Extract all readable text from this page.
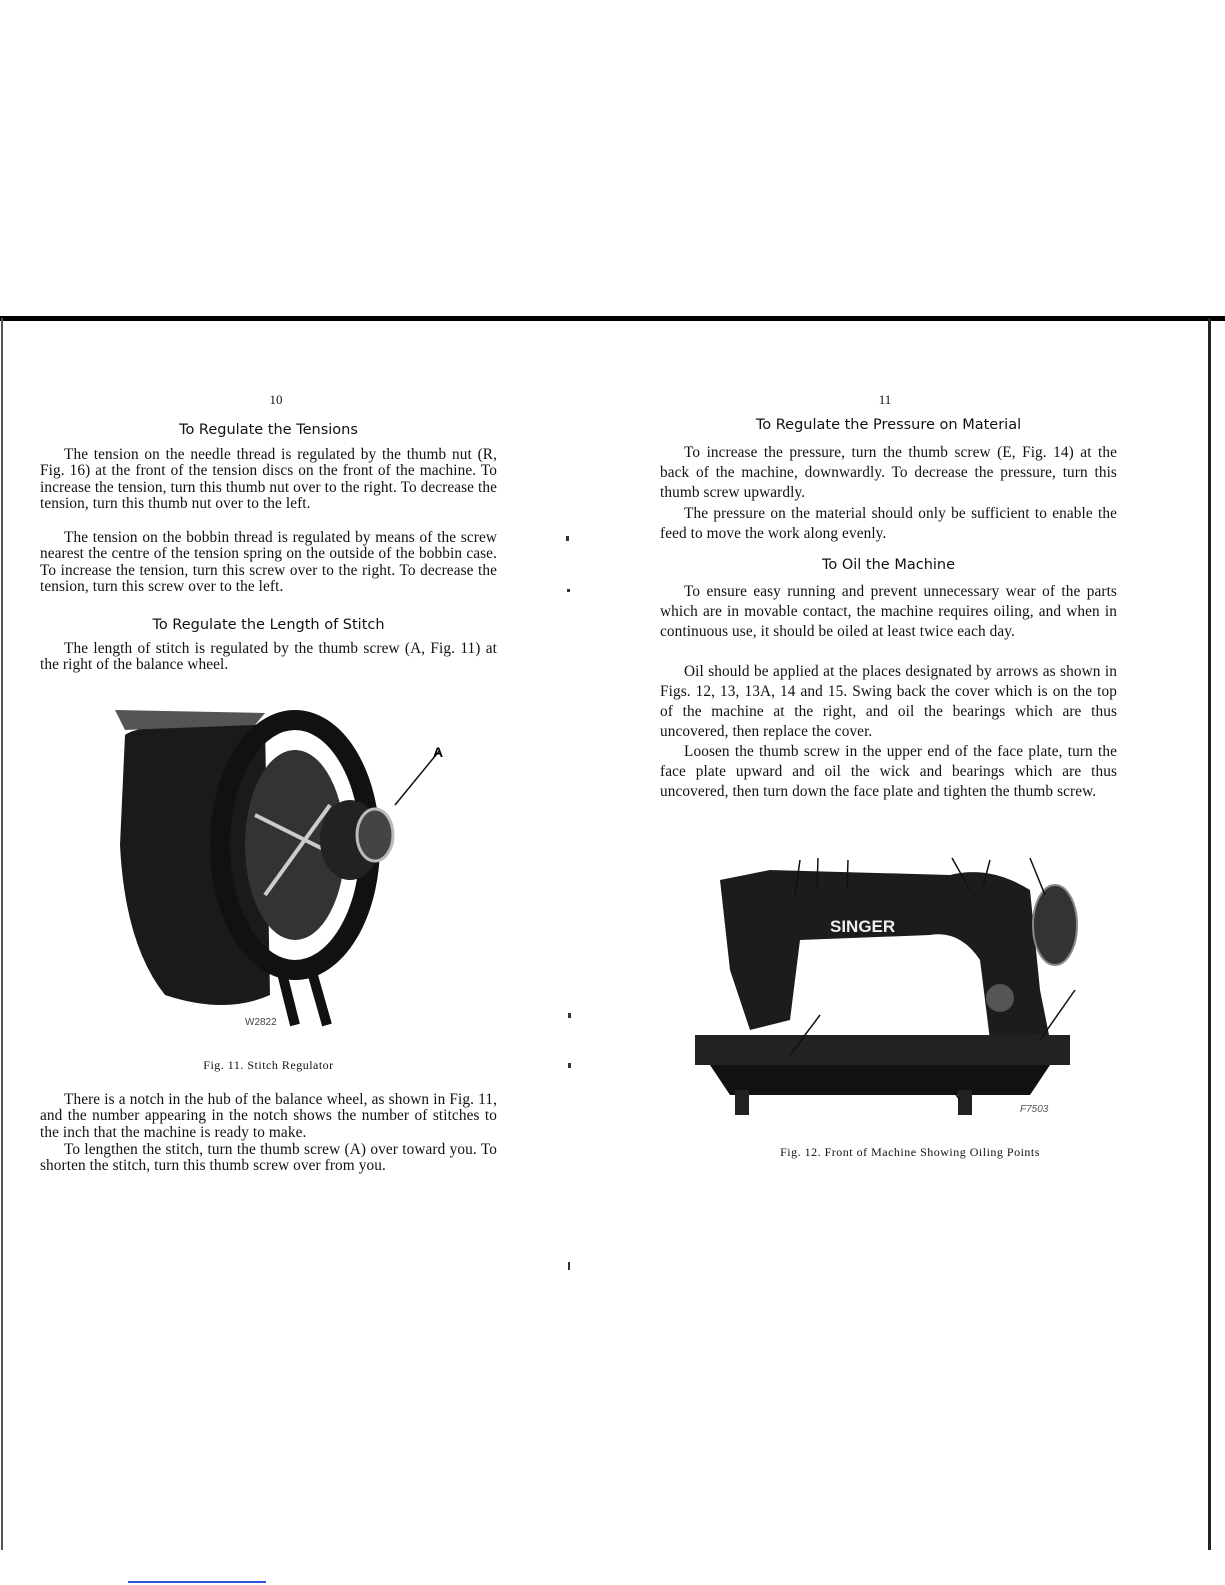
10
To Regulate the Tensions

The tension on the needle thread is regulated by the thumb nut (R, Fig. 16) at the front of the tension discs on the front of the machine. To increase the tension, turn this thumb nut over to the right. To decrease the tension, turn this thumb nut over to the left.

The tension on the bobbin thread is regulated by means of the screw nearest the centre of the tension spring on the outside of the bobbin case. To increase the tension, turn this screw over to the right. To decrease the tension, turn this screw over to the left.

To Regulate the Length of Stitch

The length of stitch is regulated by the thumb screw (A, Fig. 11) at the right of the balance wheel.

A
W2822
Fig. 11. Stitch Regulator

There is a notch in the hub of the balance wheel, as shown in Fig. 11, and the number appearing in the notch shows the number of stitches to the inch that the machine is ready to make.

To lengthen the stitch, turn the thumb screw (A) over toward you. To shorten the stitch, turn this thumb screw over from you.

11
To Regulate the Pressure on Material

To increase the pressure, turn the thumb screw (E, Fig. 14) at the back of the machine, downwardly. To decrease the pressure, turn this thumb screw upwardly.

The pressure on the material should only be sufficient to enable the feed to move the work along evenly.

To Oil the Machine

To ensure easy running and prevent unnecessary wear of the parts which are in movable contact, the machine requires oiling, and when in continuous use, it should be oiled at least twice each day.

Oil should be applied at the places designated by arrows as shown in Figs. 12, 13, 13A, 14 and 15. Swing back the cover which is on the top of the machine at the right, and oil the bearings which are thus uncovered, then replace the cover.

Loosen the thumb screw in the upper end of the face plate, turn the face plate upward and oil the wick and bearings which are thus uncovered, then turn down the face plate and tighten the thumb screw.

SINGER
F7503
Fig. 12. Front of Machine Showing Oiling Points
